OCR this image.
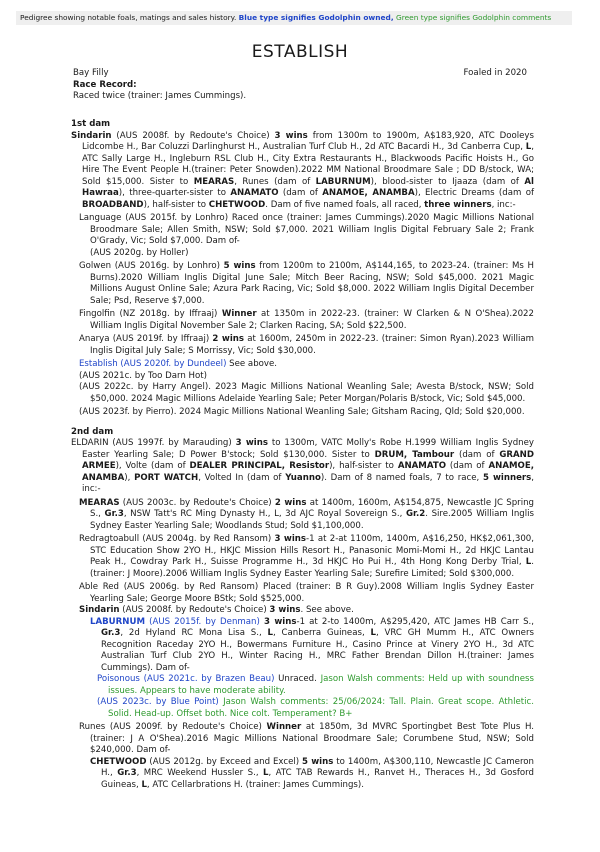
Pedigree showing notable foals, matings and sales history. Blue type signifies Godolphin owned, Green type signifies Godolphin comments
ESTABLISH
Bay Filly	Foaled in 2020
Race Record:
Raced twice (trainer: James Cummings).
1st dam
Sindarin (AUS 2008f. by Redoute's Choice) 3 wins from 1300m to 1900m, A$183,920, ATC Dooleys Lidcombe H., Bar Coluzzi Darlinghurst H., Australian Turf Club H., 2d ATC Bacardi H., 3d Canberra Cup, L, ATC Sally Large H., Ingleburn RSL Club H., City Extra Restaurants H., Blackwoods Pacific Hoists H., Go Hire The Event People H.(trainer: Peter Snowden).2022 MM National Broodmare Sale ; DD B/stock, WA; Sold $15,000. Sister to MEARAS, Runes (dam of LABURNUM), blood-sister to Ijaaza (dam of Al Hawraa), three-quarter-sister to ANAMATO (dam of ANAMOE, ANAMBA), Electric Dreams (dam of BROADBAND), half-sister to CHETWOOD. Dam of five named foals, all raced, three winners, inc:-
Language (AUS 2015f. by Lonhro) Raced once (trainer: James Cummings).2020 Magic Millions National Broodmare Sale; Allen Smith, NSW; Sold $7,000. 2021 William Inglis Digital February Sale 2; Frank O'Grady, Vic; Sold $7,000. Dam of-
(AUS 2020g. by Holler)
Golwen (AUS 2016g. by Lonhro) 5 wins from 1200m to 2100m, A$144,165, to 2023-24. (trainer: Ms H Burns).2020 William Inglis Digital June Sale; Mitch Beer Racing, NSW; Sold $45,000. 2021 Magic Millions August Online Sale; Azura Park Racing, Vic; Sold $8,000. 2022 William Inglis Digital December Sale; Psd, Reserve $7,000.
Fingolfin (NZ 2018g. by Iffraaj) Winner at 1350m in 2022-23. (trainer: W Clarken & N O'Shea).2022 William Inglis Digital November Sale 2; Clarken Racing, SA; Sold $22,500.
Anarya (AUS 2019f. by Iffraaj) 2 wins at 1600m, 2450m in 2022-23. (trainer: Simon Ryan).2023 William Inglis Digital July Sale; S Morrissy, Vic; Sold $30,000.
Establish (AUS 2020f. by Dundeel) See above.
(AUS 2021c. by Too Darn Hot)
(AUS 2022c. by Harry Angel). 2023 Magic Millions National Weanling Sale; Avesta B/stock, NSW; Sold $50,000. 2024 Magic Millions Adelaide Yearling Sale; Peter Morgan/Polaris B/stock, Vic; Sold $45,000.
(AUS 2023f. by Pierro). 2024 Magic Millions National Weanling Sale; Gitsham Racing, Qld; Sold $20,000.
2nd dam
ELDARIN (AUS 1997f. by Marauding) 3 wins to 1300m, VATC Molly's Robe H.1999 William Inglis Sydney Easter Yearling Sale; D Power B'stock; Sold $130,000. Sister to DRUM, Tambour (dam of GRAND ARMEE), Volte (dam of DEALER PRINCIPAL, Resistor), half-sister to ANAMATO (dam of ANAMOE, ANAMBA), PORT WATCH, Volted In (dam of Yuanno). Dam of 8 named foals, 7 to race, 5 winners, inc:-
MEARAS (AUS 2003c. by Redoute's Choice) 2 wins at 1400m, 1600m, A$154,875, Newcastle JC Spring S., Gr.3, NSW Tatt's RC Ming Dynasty H., L, 3d AJC Royal Sovereign S., Gr.2. Sire.2005 William Inglis Sydney Easter Yearling Sale; Woodlands Stud; Sold $1,100,000.
Redragtoabull (AUS 2004g. by Red Ransom) 3 wins-1 at 2-at 1100m, 1400m, A$16,250, HK$2,061,300, STC Education Show 2YO H., HKJC Mission Hills Resort H., Panasonic Momi-Momi H., 2d HKJC Lantau Peak H., Cowdray Park H., Suisse Programme H., 3d HKJC Ho Pui H., 4th Hong Kong Derby Trial, L.(trainer: J Moore).2006 William Inglis Sydney Easter Yearling Sale; Surefire Limited; Sold $300,000.
Able Red (AUS 2006g. by Red Ransom) Placed (trainer: B R Guy).2008 William Inglis Sydney Easter Yearling Sale; George Moore BStk; Sold $525,000.
Sindarin (AUS 2008f. by Redoute's Choice) 3 wins. See above.
LABURNUM (AUS 2015f. by Denman) 3 wins-1 at 2-to 1400m, A$295,420, ATC James HB Carr S., Gr.3, 2d Hyland RC Mona Lisa S., L, Canberra Guineas, L, VRC GH Mumm H., ATC Owners Recognition Raceday 2YO H., Bowermans Furniture H., Casino Prince at Vinery 2YO H., 3d ATC Australian Turf Club 2YO H., Winter Racing H., MRC Father Brendan Dillon H.(trainer: James Cummings). Dam of-
Poisonous (AUS 2021c. by Brazen Beau) Unraced. Jason Walsh comments: Held up with soundness issues. Appears to have moderate ability.
(AUS 2023c. by Blue Point) Jason Walsh comments: 25/06/2024: Tall. Plain. Great scope. Athletic. Solid. Head-up. Offset both. Nice colt. Temperament? B+
Runes (AUS 2009f. by Redoute's Choice) Winner at 1850m, 3d MVRC Sportingbet Best Tote Plus H. (trainer: J A O'Shea).2016 Magic Millions National Broodmare Sale; Corumbene Stud, NSW; Sold $240,000. Dam of-
CHETWOOD (AUS 2012g. by Exceed and Excel) 5 wins to 1400m, A$300,110, Newcastle JC Cameron H., Gr.3, MRC Weekend Hussler S., L, ATC TAB Rewards H., Ranvet H., Theraces H., 3d Gosford Guineas, L, ATC Cellarbrations H. (trainer: James Cummings).
